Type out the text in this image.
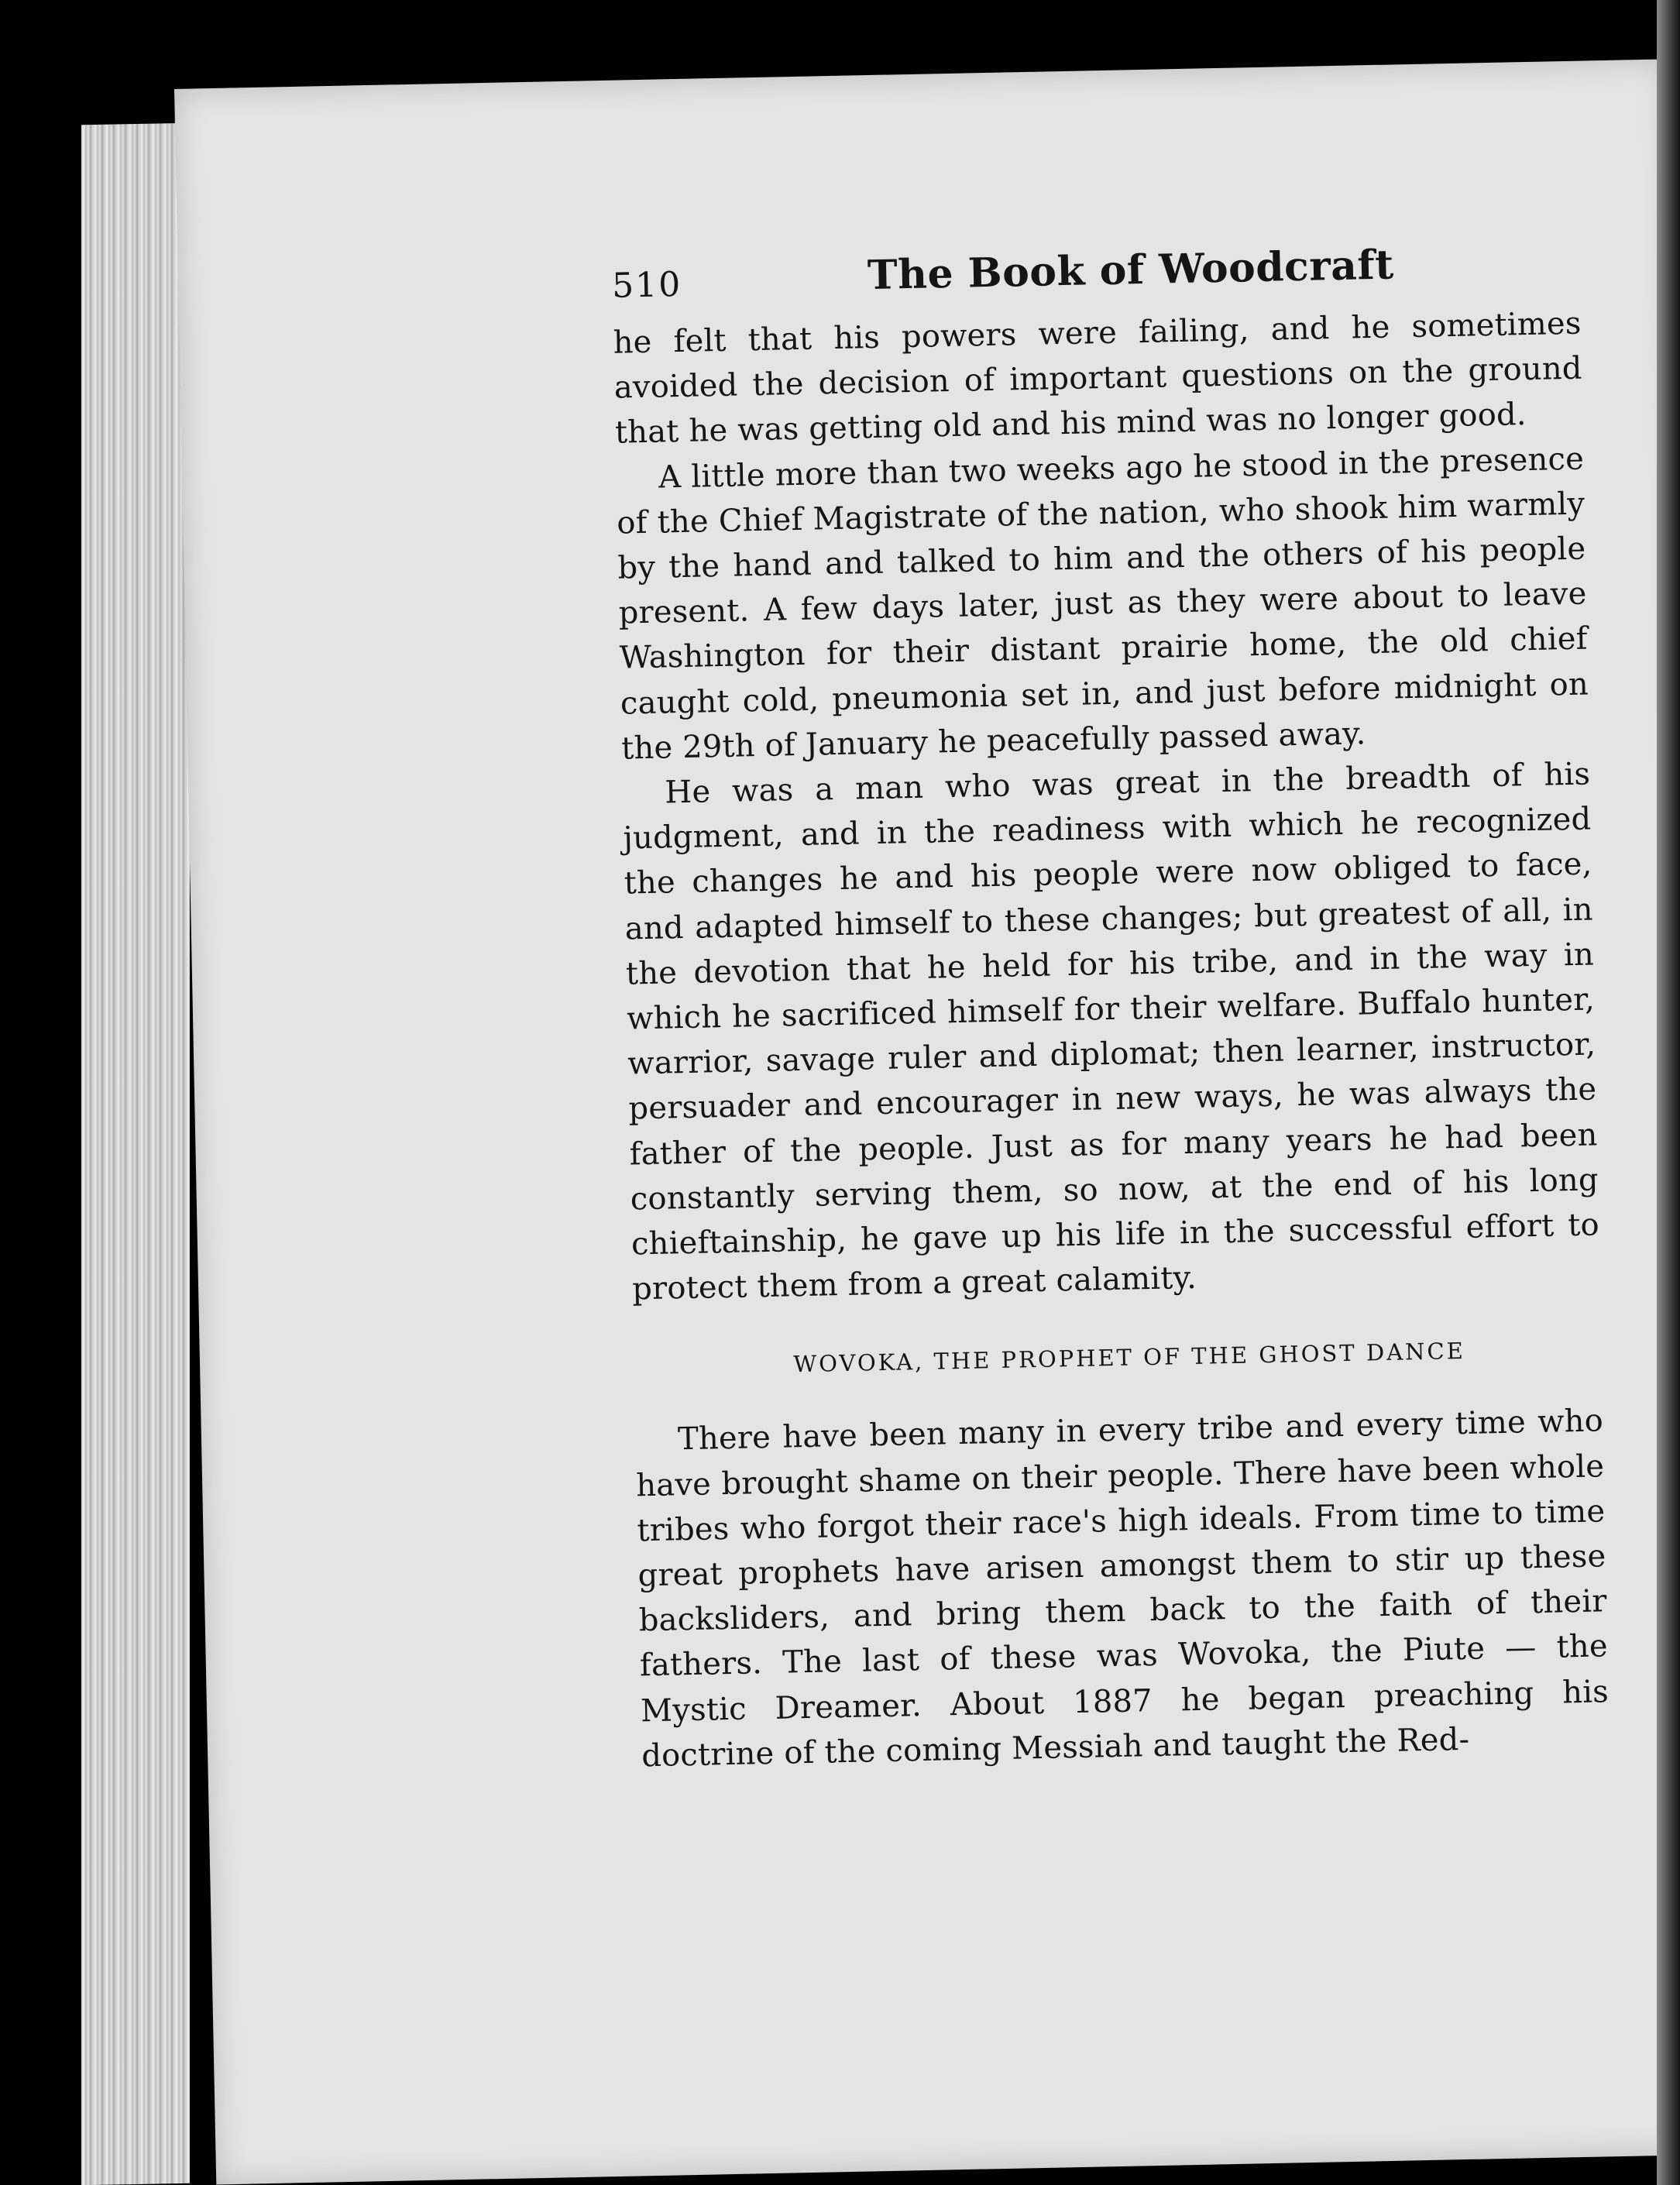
510	The Book of Woodcraft

he felt that his powers were failing, and he sometimes avoided the decision of important questions on the ground that he was getting old and his mind was no longer good.

A little more than two weeks ago he stood in the presence of the Chief Magistrate of the nation, who shook him warmly by the hand and talked to him and the others of his people present. A few days later, just as they were about to leave Washington for their distant prairie home, the old chief caught cold, pneumonia set in, and just before midnight on the 29th of January he peacefully passed away.

He was a man who was great in the breadth of his judgment, and in the readiness with which he recognized the changes he and his people were now obliged to face, and adapted himself to these changes; but greatest of all, in the devotion that he held for his tribe, and in the way in which he sacrificed himself for their welfare. Buffalo hunter, warrior, savage ruler and diplomat; then learner, instructor, persuader and encourager in new ways, he was always the father of the people. Just as for many years he had been constantly serving them, so now, at the end of his long chieftainship, he gave up his life in the successful effort to protect them from a great calamity.

WOVOKA, THE PROPHET OF THE GHOST DANCE

There have been many in every tribe and every time who have brought shame on their people. There have been whole tribes who forgot their race's high ideals. From time to time great prophets have arisen amongst them to stir up these backsliders, and bring them back to the faith of their fathers. The last of these was Wovoka, the Piute — the Mystic Dreamer. About 1887 he began preaching his doctrine of the coming Messiah and taught the Red-
